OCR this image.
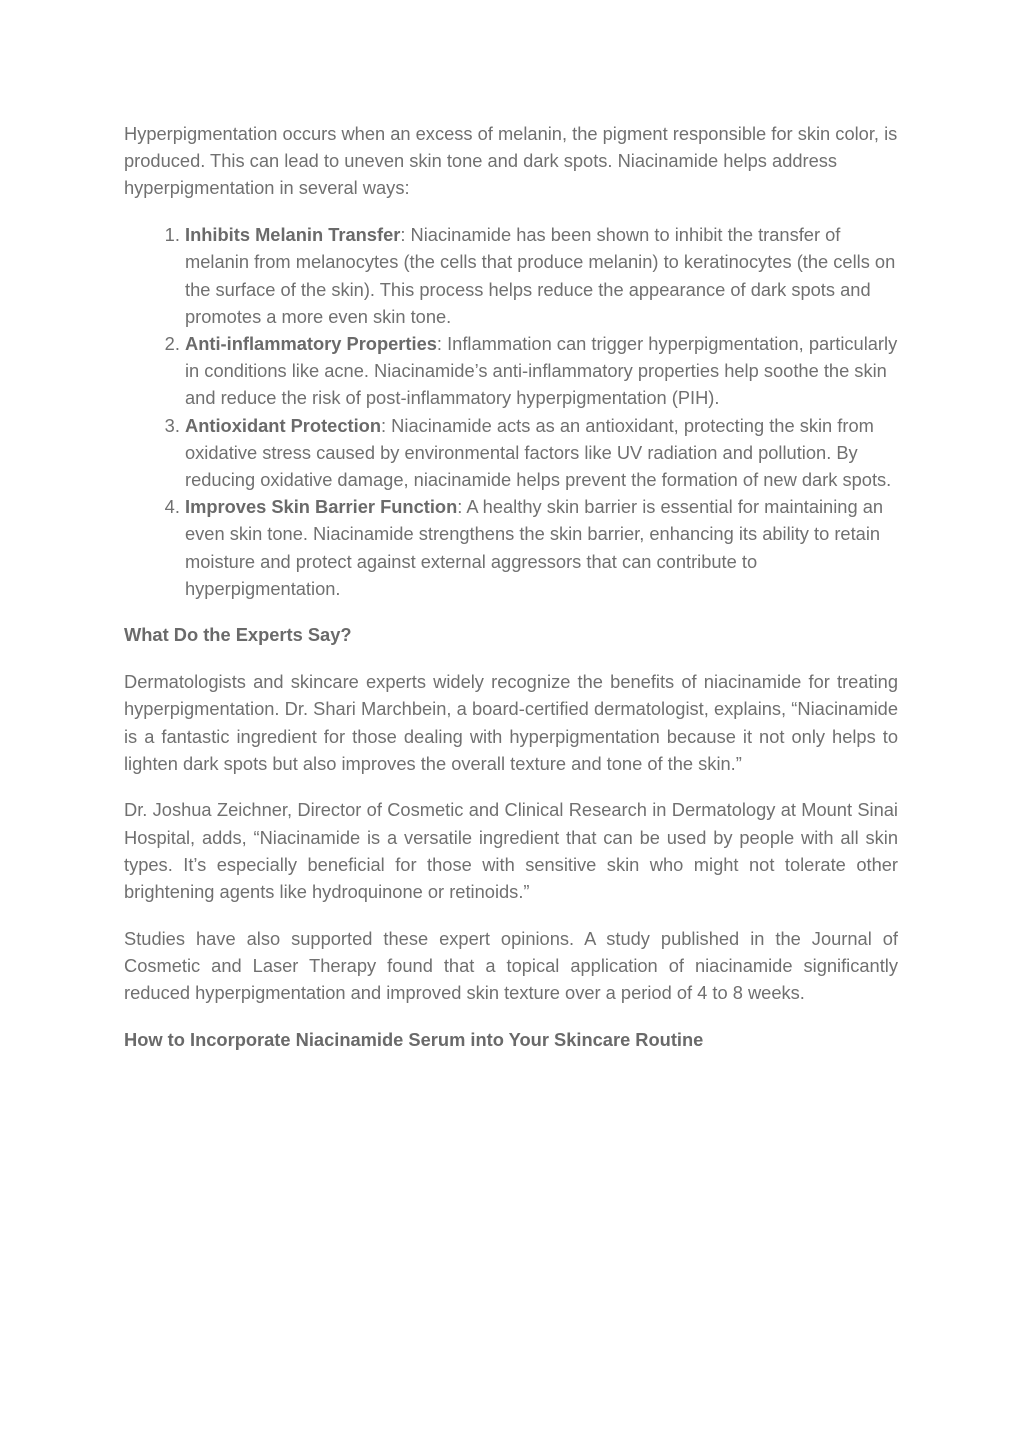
Hyperpigmentation occurs when an excess of melanin, the pigment responsible for skin color, is produced. This can lead to uneven skin tone and dark spots. Niacinamide helps address hyperpigmentation in several ways:

1. Inhibits Melanin Transfer: Niacinamide has been shown to inhibit the transfer of melanin from melanocytes (the cells that produce melanin) to keratinocytes (the cells on the surface of the skin). This process helps reduce the appearance of dark spots and promotes a more even skin tone.
2. Anti-inflammatory Properties: Inflammation can trigger hyperpigmentation, particularly in conditions like acne. Niacinamide’s anti-inflammatory properties help soothe the skin and reduce the risk of post-inflammatory hyperpigmentation (PIH).
3. Antioxidant Protection: Niacinamide acts as an antioxidant, protecting the skin from oxidative stress caused by environmental factors like UV radiation and pollution. By reducing oxidative damage, niacinamide helps prevent the formation of new dark spots.
4. Improves Skin Barrier Function: A healthy skin barrier is essential for maintaining an even skin tone. Niacinamide strengthens the skin barrier, enhancing its ability to retain moisture and protect against external aggressors that can contribute to hyperpigmentation.
What Do the Experts Say?

Dermatologists and skincare experts widely recognize the benefits of niacinamide for treating hyperpigmentation. Dr. Shari Marchbein, a board-certified dermatologist, explains, “Niacinamide is a fantastic ingredient for those dealing with hyperpigmentation because it not only helps to lighten dark spots but also improves the overall texture and tone of the skin.”

Dr. Joshua Zeichner, Director of Cosmetic and Clinical Research in Dermatology at Mount Sinai Hospital, adds, “Niacinamide is a versatile ingredient that can be used by people with all skin types. It’s especially beneficial for those with sensitive skin who might not tolerate other brightening agents like hydroquinone or retinoids.”

Studies have also supported these expert opinions. A study published in the Journal of Cosmetic and Laser Therapy found that a topical application of niacinamide significantly reduced hyperpigmentation and improved skin texture over a period of 4 to 8 weeks.

How to Incorporate Niacinamide Serum into Your Skincare Routine
